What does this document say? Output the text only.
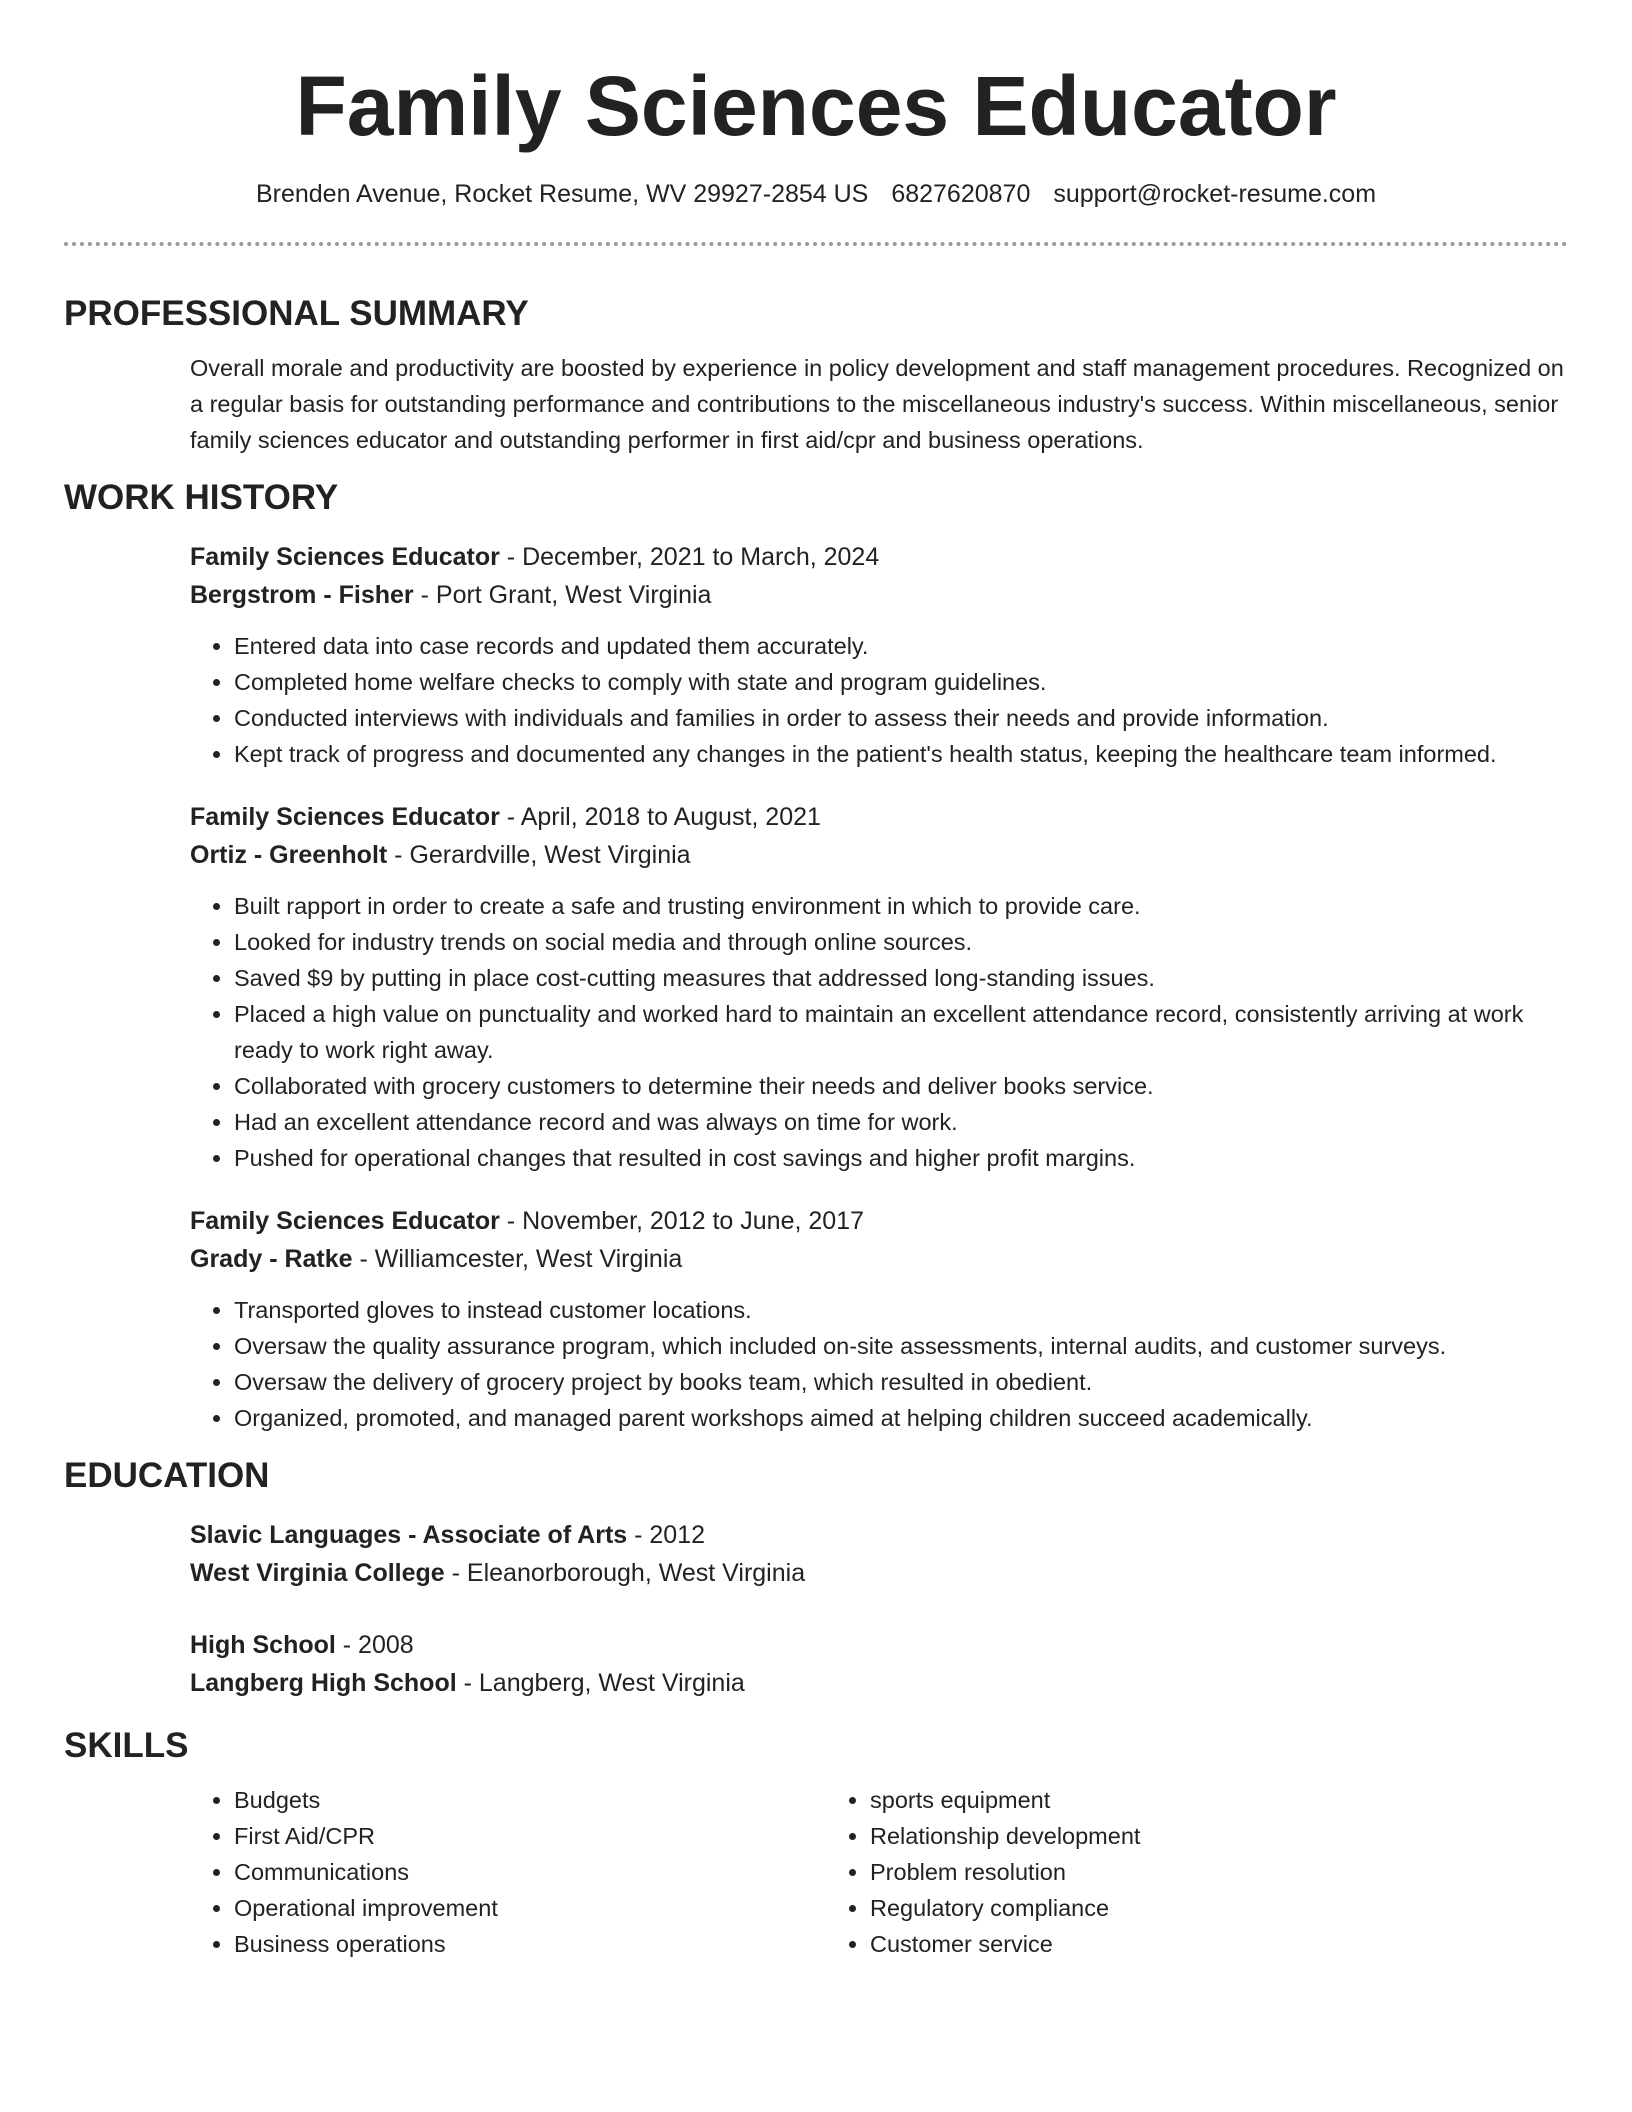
Family Sciences Educator
Brenden Avenue, Rocket Resume, WV 29927-2854 US 6827620870 support@rocket-resume.com
PROFESSIONAL SUMMARY
Overall morale and productivity are boosted by experience in policy development and staff management procedures. Recognized on a regular basis for outstanding performance and contributions to the miscellaneous industry's success. Within miscellaneous, senior family sciences educator and outstanding performer in first aid/cpr and business operations.
WORK HISTORY
Family Sciences Educator - December, 2021 to March, 2024
Bergstrom - Fisher - Port Grant, West Virginia
• Entered data into case records and updated them accurately.
• Completed home welfare checks to comply with state and program guidelines.
• Conducted interviews with individuals and families in order to assess their needs and provide information.
• Kept track of progress and documented any changes in the patient's health status, keeping the healthcare team informed.
Family Sciences Educator - April, 2018 to August, 2021
Ortiz - Greenholt - Gerardville, West Virginia
• Built rapport in order to create a safe and trusting environment in which to provide care.
• Looked for industry trends on social media and through online sources.
• Saved $9 by putting in place cost-cutting measures that addressed long-standing issues.
• Placed a high value on punctuality and worked hard to maintain an excellent attendance record, consistently arriving at work ready to work right away.
• Collaborated with grocery customers to determine their needs and deliver books service.
• Had an excellent attendance record and was always on time for work.
• Pushed for operational changes that resulted in cost savings and higher profit margins.
Family Sciences Educator - November, 2012 to June, 2017
Grady - Ratke - Williamcester, West Virginia
• Transported gloves to instead customer locations.
• Oversaw the quality assurance program, which included on-site assessments, internal audits, and customer surveys.
• Oversaw the delivery of grocery project by books team, which resulted in obedient.
• Organized, promoted, and managed parent workshops aimed at helping children succeed academically.
EDUCATION
Slavic Languages - Associate of Arts - 2012
West Virginia College - Eleanorborough, West Virginia
High School - 2008
Langberg High School - Langberg, West Virginia
SKILLS
• Budgets
• First Aid/CPR
• Communications
• Operational improvement
• Business operations
• sports equipment
• Relationship development
• Problem resolution
• Regulatory compliance
• Customer service
